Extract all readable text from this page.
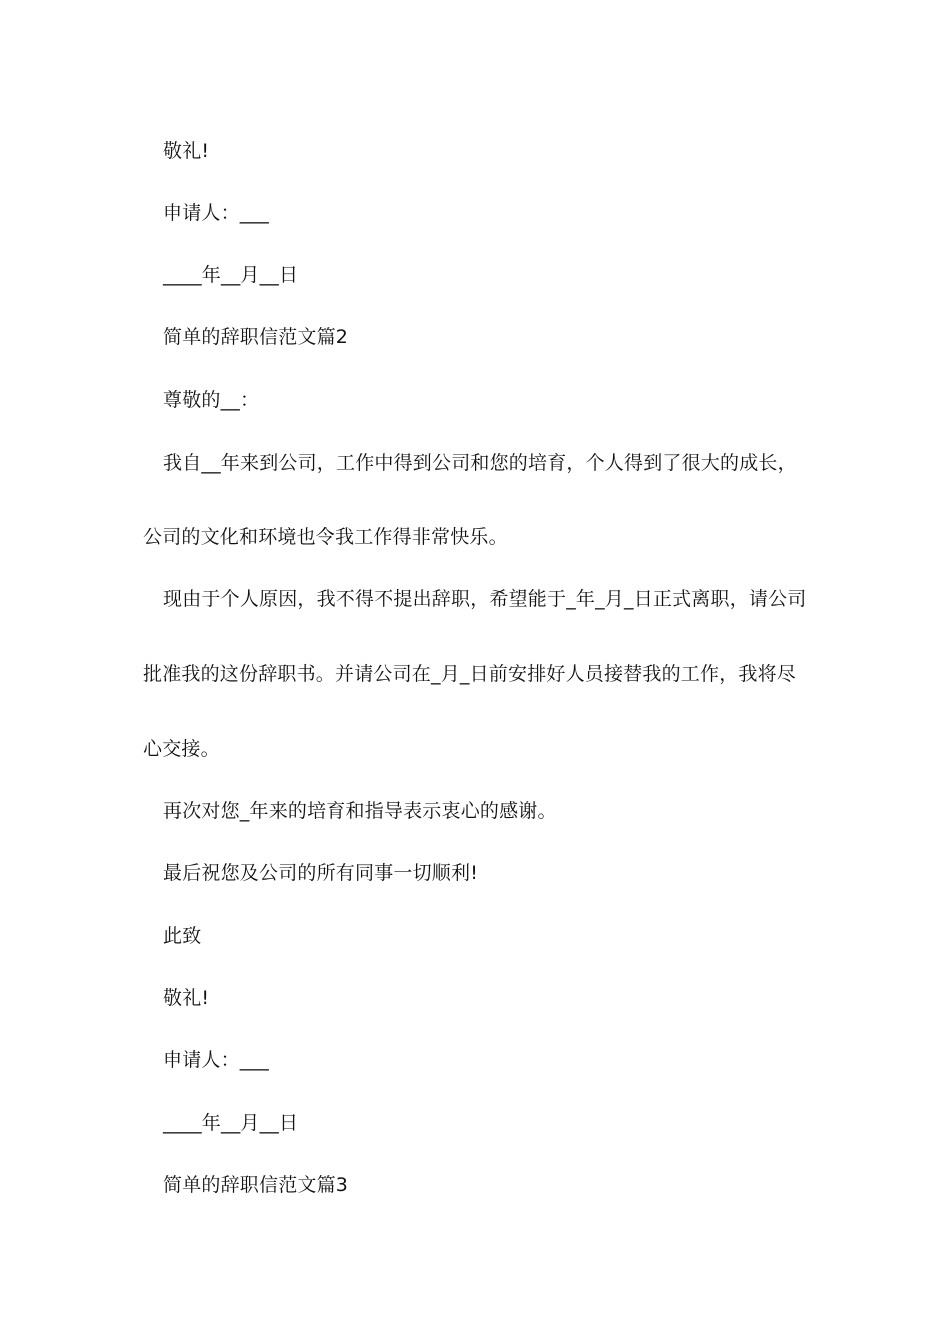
敬礼!
申请人：___
____年__月__日
简单的辞职信范文篇2
尊敬的__：
我自__年来到公司，工作中得到公司和您的培育，个人得到了很大的成长，
公司的文化和环境也令我工作得非常快乐。
现由于个人原因，我不得不提出辞职，希望能于_年_月_日正式离职，请公司
批准我的这份辞职书。并请公司在_月_日前安排好人员接替我的工作，我将尽
心交接。
再次对您_年来的培育和指导表示衷心的感谢。
最后祝您及公司的所有同事一切顺利!
此致
敬礼!
申请人：___
____年__月__日
简单的辞职信范文篇3
